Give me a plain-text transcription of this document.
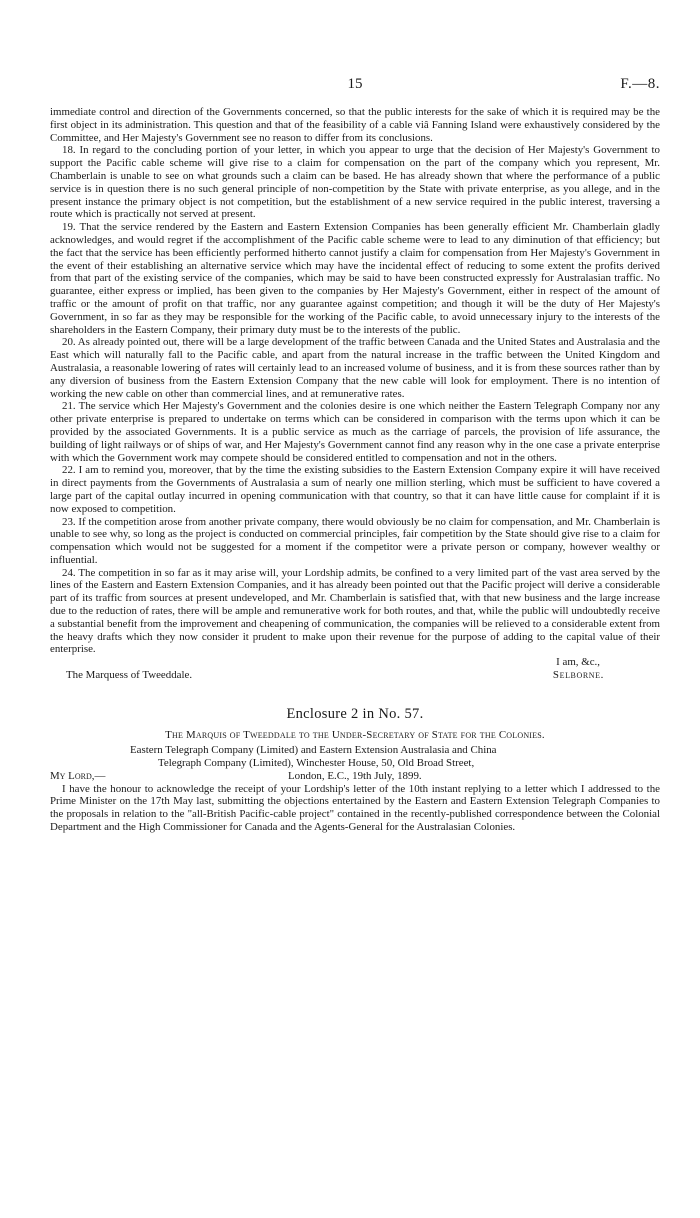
15	F.—8.

immediate control and direction of the Governments concerned, so that the public interests for the sake of which it is required may be the first object in its administration. This question and that of the feasibility of a cable viâ Fanning Island were exhaustively considered by the Committee, and Her Majesty's Government see no reason to differ from its conclusions.

18. In regard to the concluding portion of your letter, in which you appear to urge that the decision of Her Majesty's Government to support the Pacific cable scheme will give rise to a claim for compensation on the part of the company which you represent, Mr. Chamberlain is unable to see on what grounds such a claim can be based. He has already shown that where the performance of a public service is in question there is no such general principle of non-competition by the State with private enterprise, as you allege, and in the present instance the primary object is not competition, but the establishment of a new service required in the public interest, traversing a route which is practically not served at present.

19. That the service rendered by the Eastern and Eastern Extension Companies has been generally efficient Mr. Chamberlain gladly acknowledges, and would regret if the accomplishment of the Pacific cable scheme were to lead to any diminution of that efficiency; but the fact that the service has been efficiently performed hitherto cannot justify a claim for compensation from Her Majesty's Government in the event of their establishing an alternative service which may have the incidental effect of reducing to some extent the profits derived from that part of the existing service of the companies, which may be said to have been constructed expressly for Australasian traffic. No guarantee, either express or implied, has been given to the companies by Her Majesty's Government, either in respect of the amount of traffic or the amount of profit on that traffic, nor any guarantee against competition; and though it will be the duty of Her Majesty's Government, in so far as they may be responsible for the working of the Pacific cable, to avoid unnecessary injury to the interests of the shareholders in the Eastern Company, their primary duty must be to the interests of the public.

20. As already pointed out, there will be a large development of the traffic between Canada and the United States and Australasia and the East which will naturally fall to the Pacific cable, and apart from the natural increase in the traffic between the United Kingdom and Australasia, a reasonable lowering of rates will certainly lead to an increased volume of business, and it is from these sources rather than by any diversion of business from the Eastern Extension Company that the new cable will look for employment. There is no intention of working the new cable on other than commercial lines, and at remunerative rates.

21. The service which Her Majesty's Government and the colonies desire is one which neither the Eastern Telegraph Company nor any other private enterprise is prepared to undertake on terms which can be considered in comparison with the terms upon which it can be provided by the associated Governments. It is a public service as much as the carriage of parcels, the provision of life assurance, the building of light railways or of ships of war, and Her Majesty's Government cannot find any reason why in the one case a private enterprise with which the Government work may compete should be considered entitled to compensation and not in the others.

22. I am to remind you, moreover, that by the time the existing subsidies to the Eastern Extension Company expire it will have received in direct payments from the Governments of Australasia a sum of nearly one million sterling, which must be sufficient to have covered a large part of the capital outlay incurred in opening communication with that country, so that it can have little cause for complaint if it is now exposed to competition.

23. If the competition arose from another private company, there would obviously be no claim for compensation, and Mr. Chamberlain is unable to see why, so long as the project is conducted on commercial principles, fair competition by the State should give rise to a claim for compensation which would not be suggested for a moment if the competitor were a private person or company, however wealthy or influential.

24. The competition in so far as it may arise will, your Lordship admits, be confined to a very limited part of the vast area served by the lines of the Eastern and Eastern Extension Companies, and it has already been pointed out that the Pacific project will derive a considerable part of its traffic from sources at present undeveloped, and Mr. Chamberlain is satisfied that, with that new business and the large increase due to the reduction of rates, there will be ample and remunerative work for both routes, and that, while the public will undoubtedly receive a substantial benefit from the improvement and cheapening of communication, the companies will be relieved to a considerable extent from the heavy drafts which they now consider it prudent to make upon their revenue for the purpose of adding to the capital value of their enterprise.

I am, &c.,
The Marquess of Tweeddale.	Selborne.
Enclosure 2 in No. 57.
The Marquis of Tweeddale to the Under-Secretary of State for the Colonies.
Eastern Telegraph Company (Limited) and Eastern Extension Australasia and China
Telegraph Company (Limited), Winchester House, 50, Old Broad Street,
My Lord,—	London, E.C., 19th July, 1899.

I have the honour to acknowledge the receipt of your Lordship's letter of the 10th instant replying to a letter which I addressed to the Prime Minister on the 17th May last, submitting the objections entertained by the Eastern and Eastern Extension Telegraph Companies to the proposals in relation to the "all-British Pacific-cable project" contained in the recently-published correspondence between the Colonial Department and the High Commissioner for Canada and the Agents-General for the Australasian Colonies.
